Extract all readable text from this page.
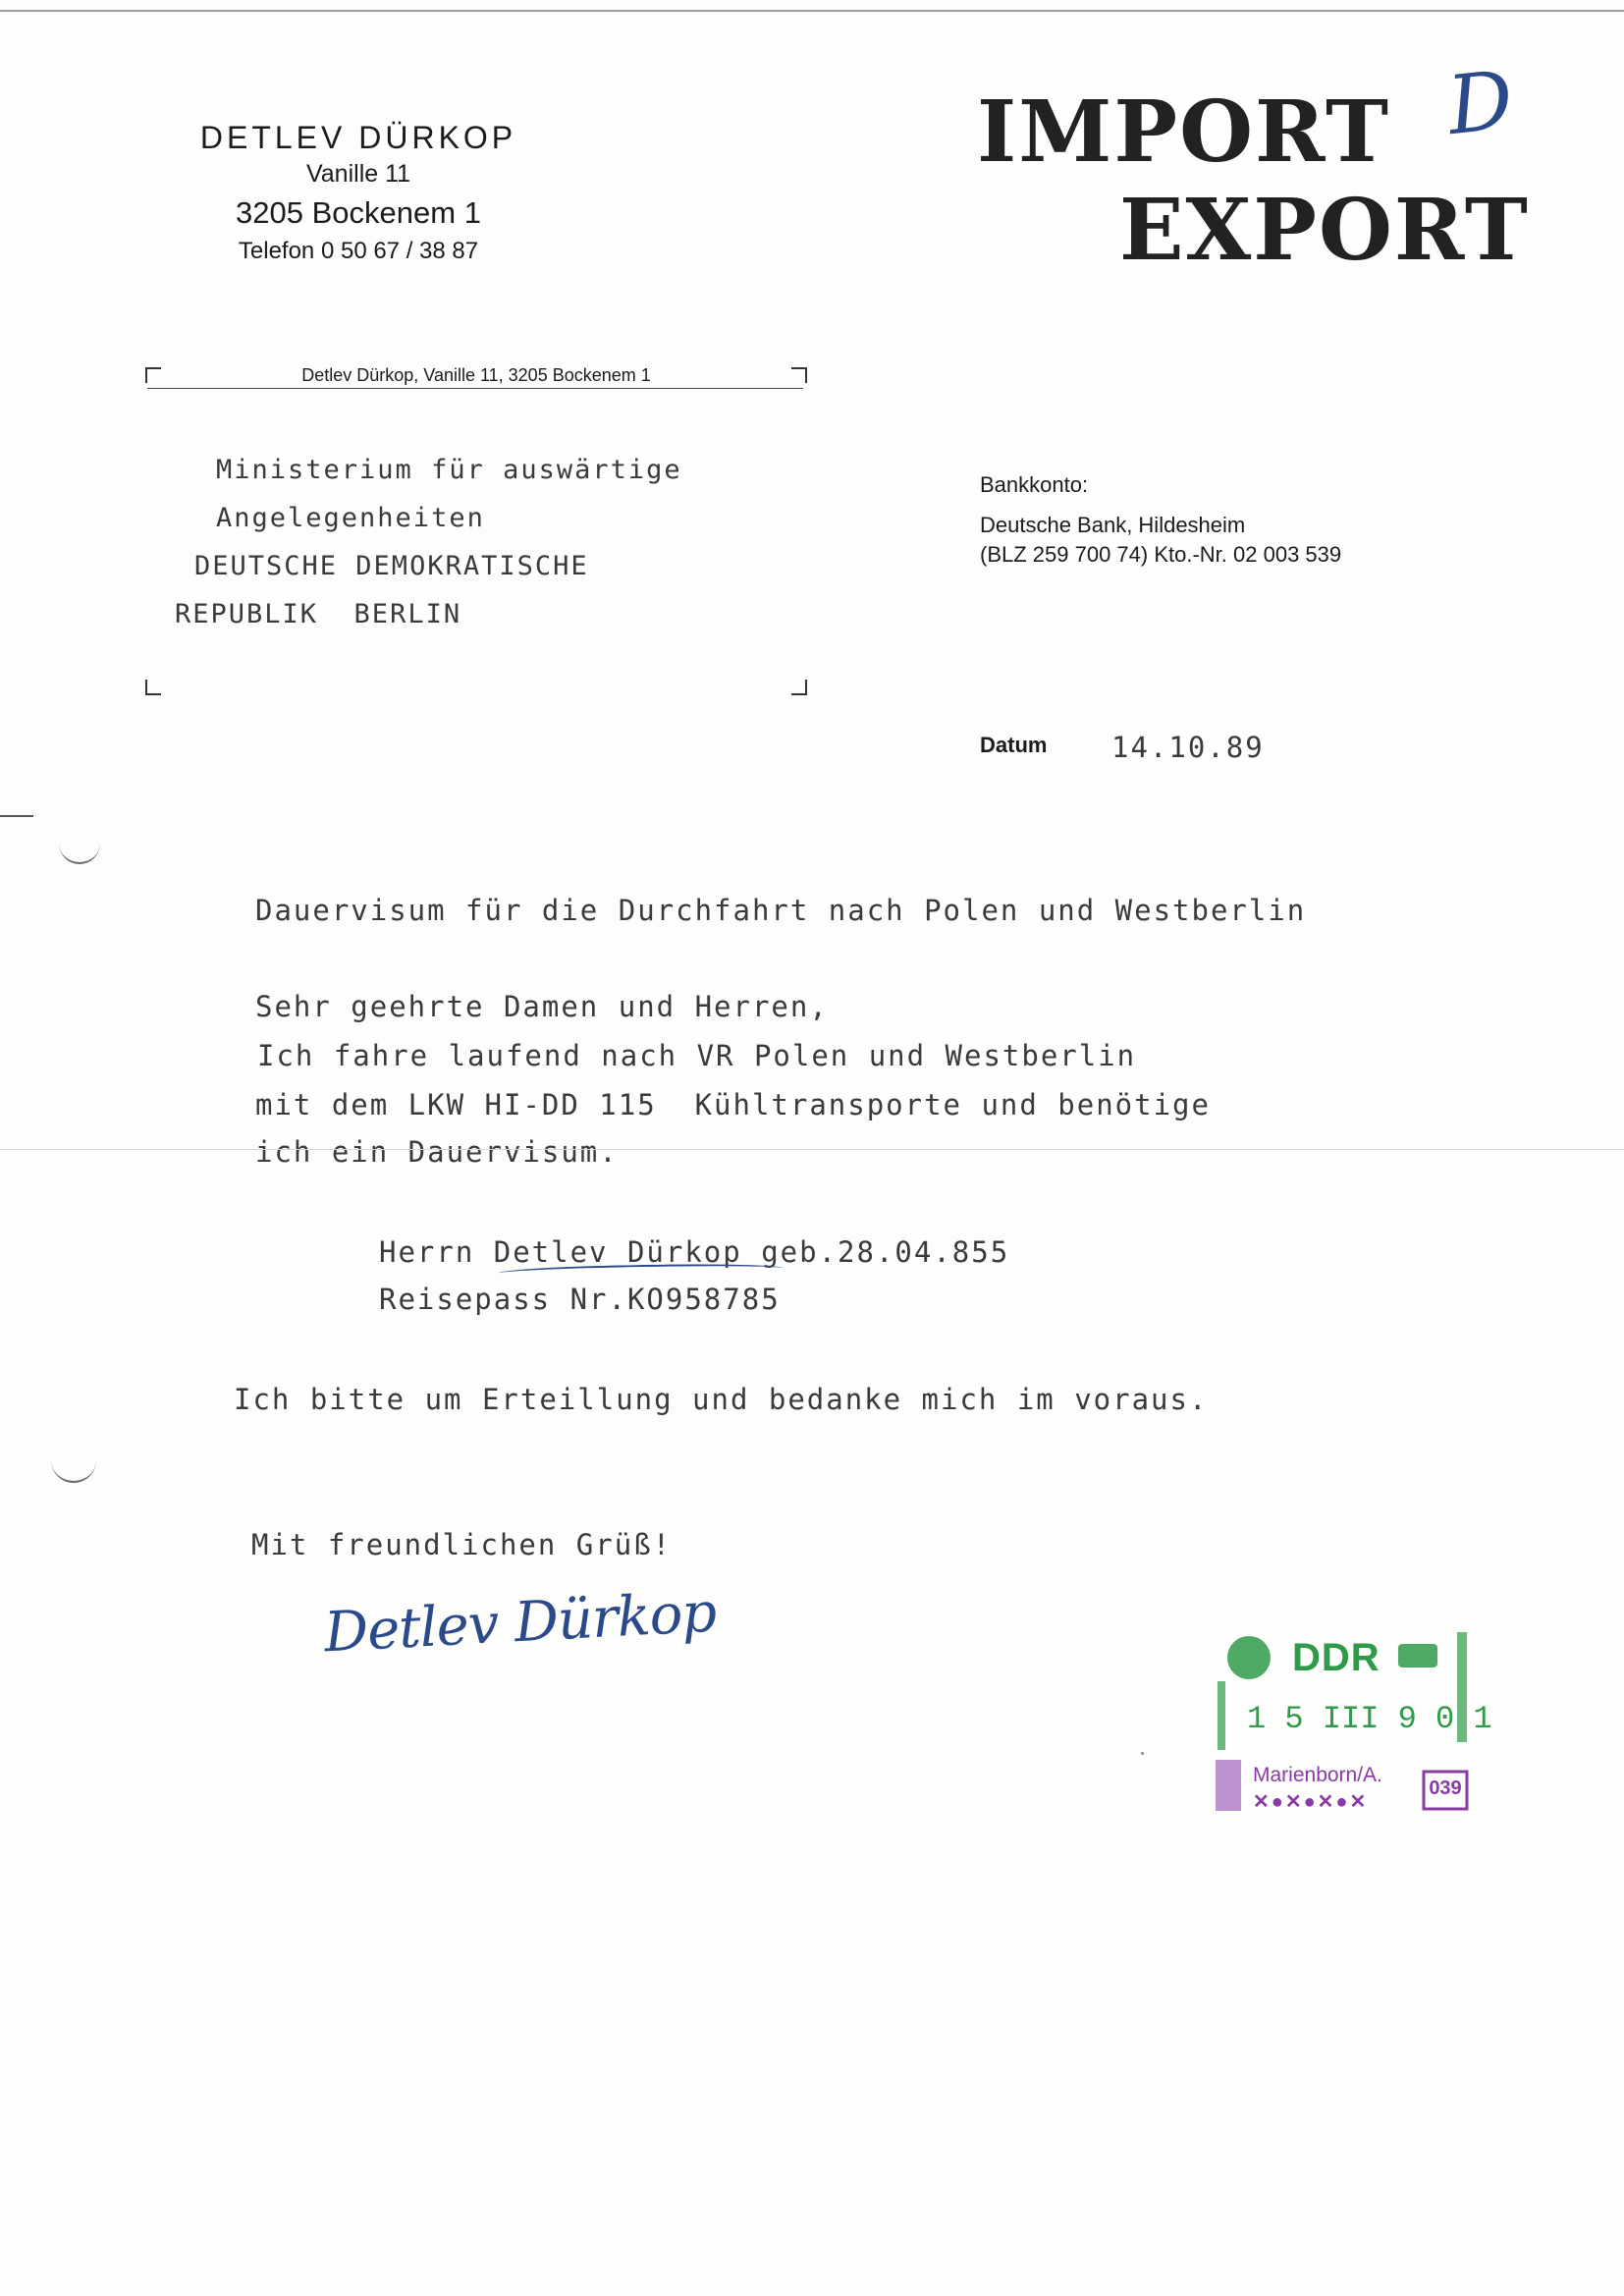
DETLEV DÜRKOP
Vanille 11
3205 Bockenem 1
Telefon 0 50 67 / 38 87
IMPORT
EXPORT
D
Detlev Dürkop, Vanille 11, 3205 Bockenem 1
Ministerium für auswärtige
Angelegenheiten
DEUTSCHE DEMOKRATISCHE
REPUBLIK  BERLIN
Bankkonto:
Deutsche Bank, Hildesheim
(BLZ 259 700 74) Kto.-Nr. 02 003 539
Datum 14.10.89
Dauervisum für die Durchfahrt nach Polen und Westberlin
Sehr geehrte Damen und Herren,
Ich fahre laufend nach VR Polen und Westberlin
mit dem LKW HI-DD 115  Kühltransporte und benötige
ich ein Dauervisum.
Herrn Detlev Dürkop geb.28.04.855
Reisepass Nr.KO958785
Ich bitte um Erteillung und bedanke mich im voraus.
Mit freundlichen Grüß!
Detlev Dürkop	DDR
1 5 III 9 0 1
Marienborn/A.
039
✕●✕●✕●✕
